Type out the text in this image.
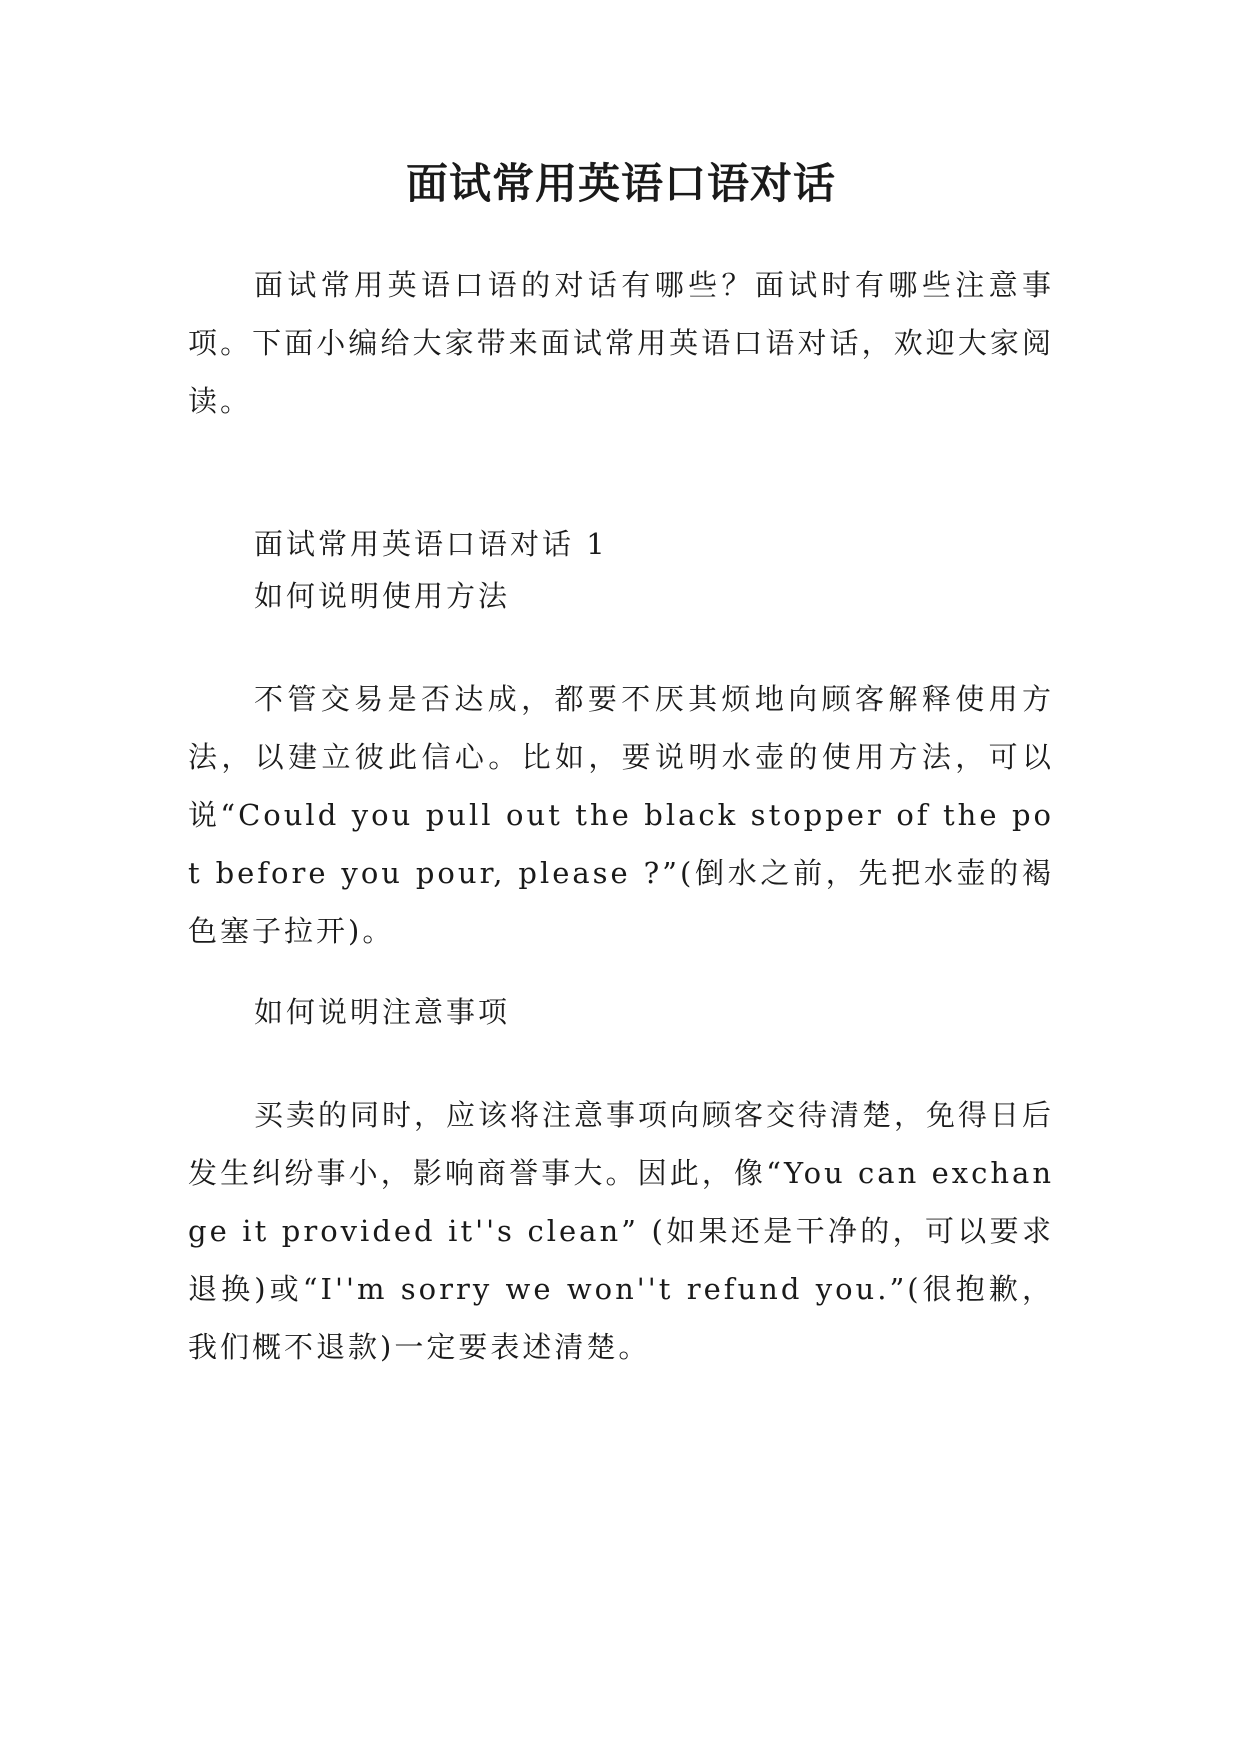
面试常用英语口语对话

面试常用英语口语的对话有哪些？面试时有哪些注意事项。下面小编给大家带来面试常用英语口语对话，欢迎大家阅读。

面试常用英语口语对话 1

如何说明使用方法

不管交易是否达成，都要不厌其烦地向顾客解释使用方法，以建立彼此信心。比如，要说明水壶的使用方法，可以说“Could you pull out the black stopper of the pot before you pour, please ?”(倒水之前，先把水壶的褐色塞子拉开)。

如何说明注意事项

买卖的同时，应该将注意事项向顾客交待清楚，免得日后发生纠纷事小，影响商誉事大。因此，像“You can exchange it provided it''s clean” (如果还是干净的，可以要求退换)或“I''m sorry we won''t refund you.”(很抱歉，我们概不退款)一定要表述清楚。
